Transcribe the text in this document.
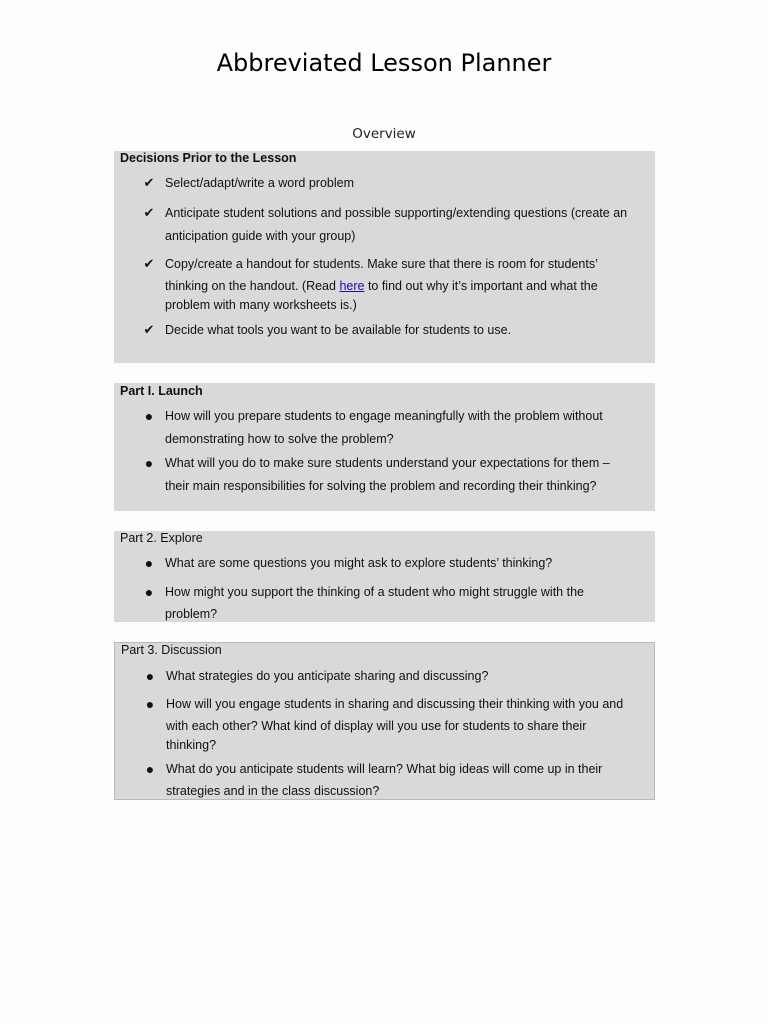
Abbreviated Lesson Planner
Overview
Decisions Prior to the Lesson
✔ Select/adapt/write a word problem
✔ Anticipate student solutions and possible supporting/extending questions (create an
anticipation guide with your group)
✔ Copy/create a handout for students. Make sure that there is room for students’
thinking on the handout. (Read here to find out why it’s important and what the
problem with many worksheets is.)
✔ Decide what tools you want to be available for students to use.
Part I. Launch
● How will you prepare students to engage meaningfully with the problem without
demonstrating how to solve the problem?
● What will you do to make sure students understand your expectations for them –
their main responsibilities for solving the problem and recording their thinking?
Part 2. Explore
● What are some questions you might ask to explore students’ thinking?
● How might you support the thinking of a student who might struggle with the
problem?
Part 3. Discussion
● What strategies do you anticipate sharing and discussing?
● How will you engage students in sharing and discussing their thinking with you and
with each other? What kind of display will you use for students to share their
thinking?
● What do you anticipate students will learn? What big ideas will come up in their
strategies and in the class discussion?
